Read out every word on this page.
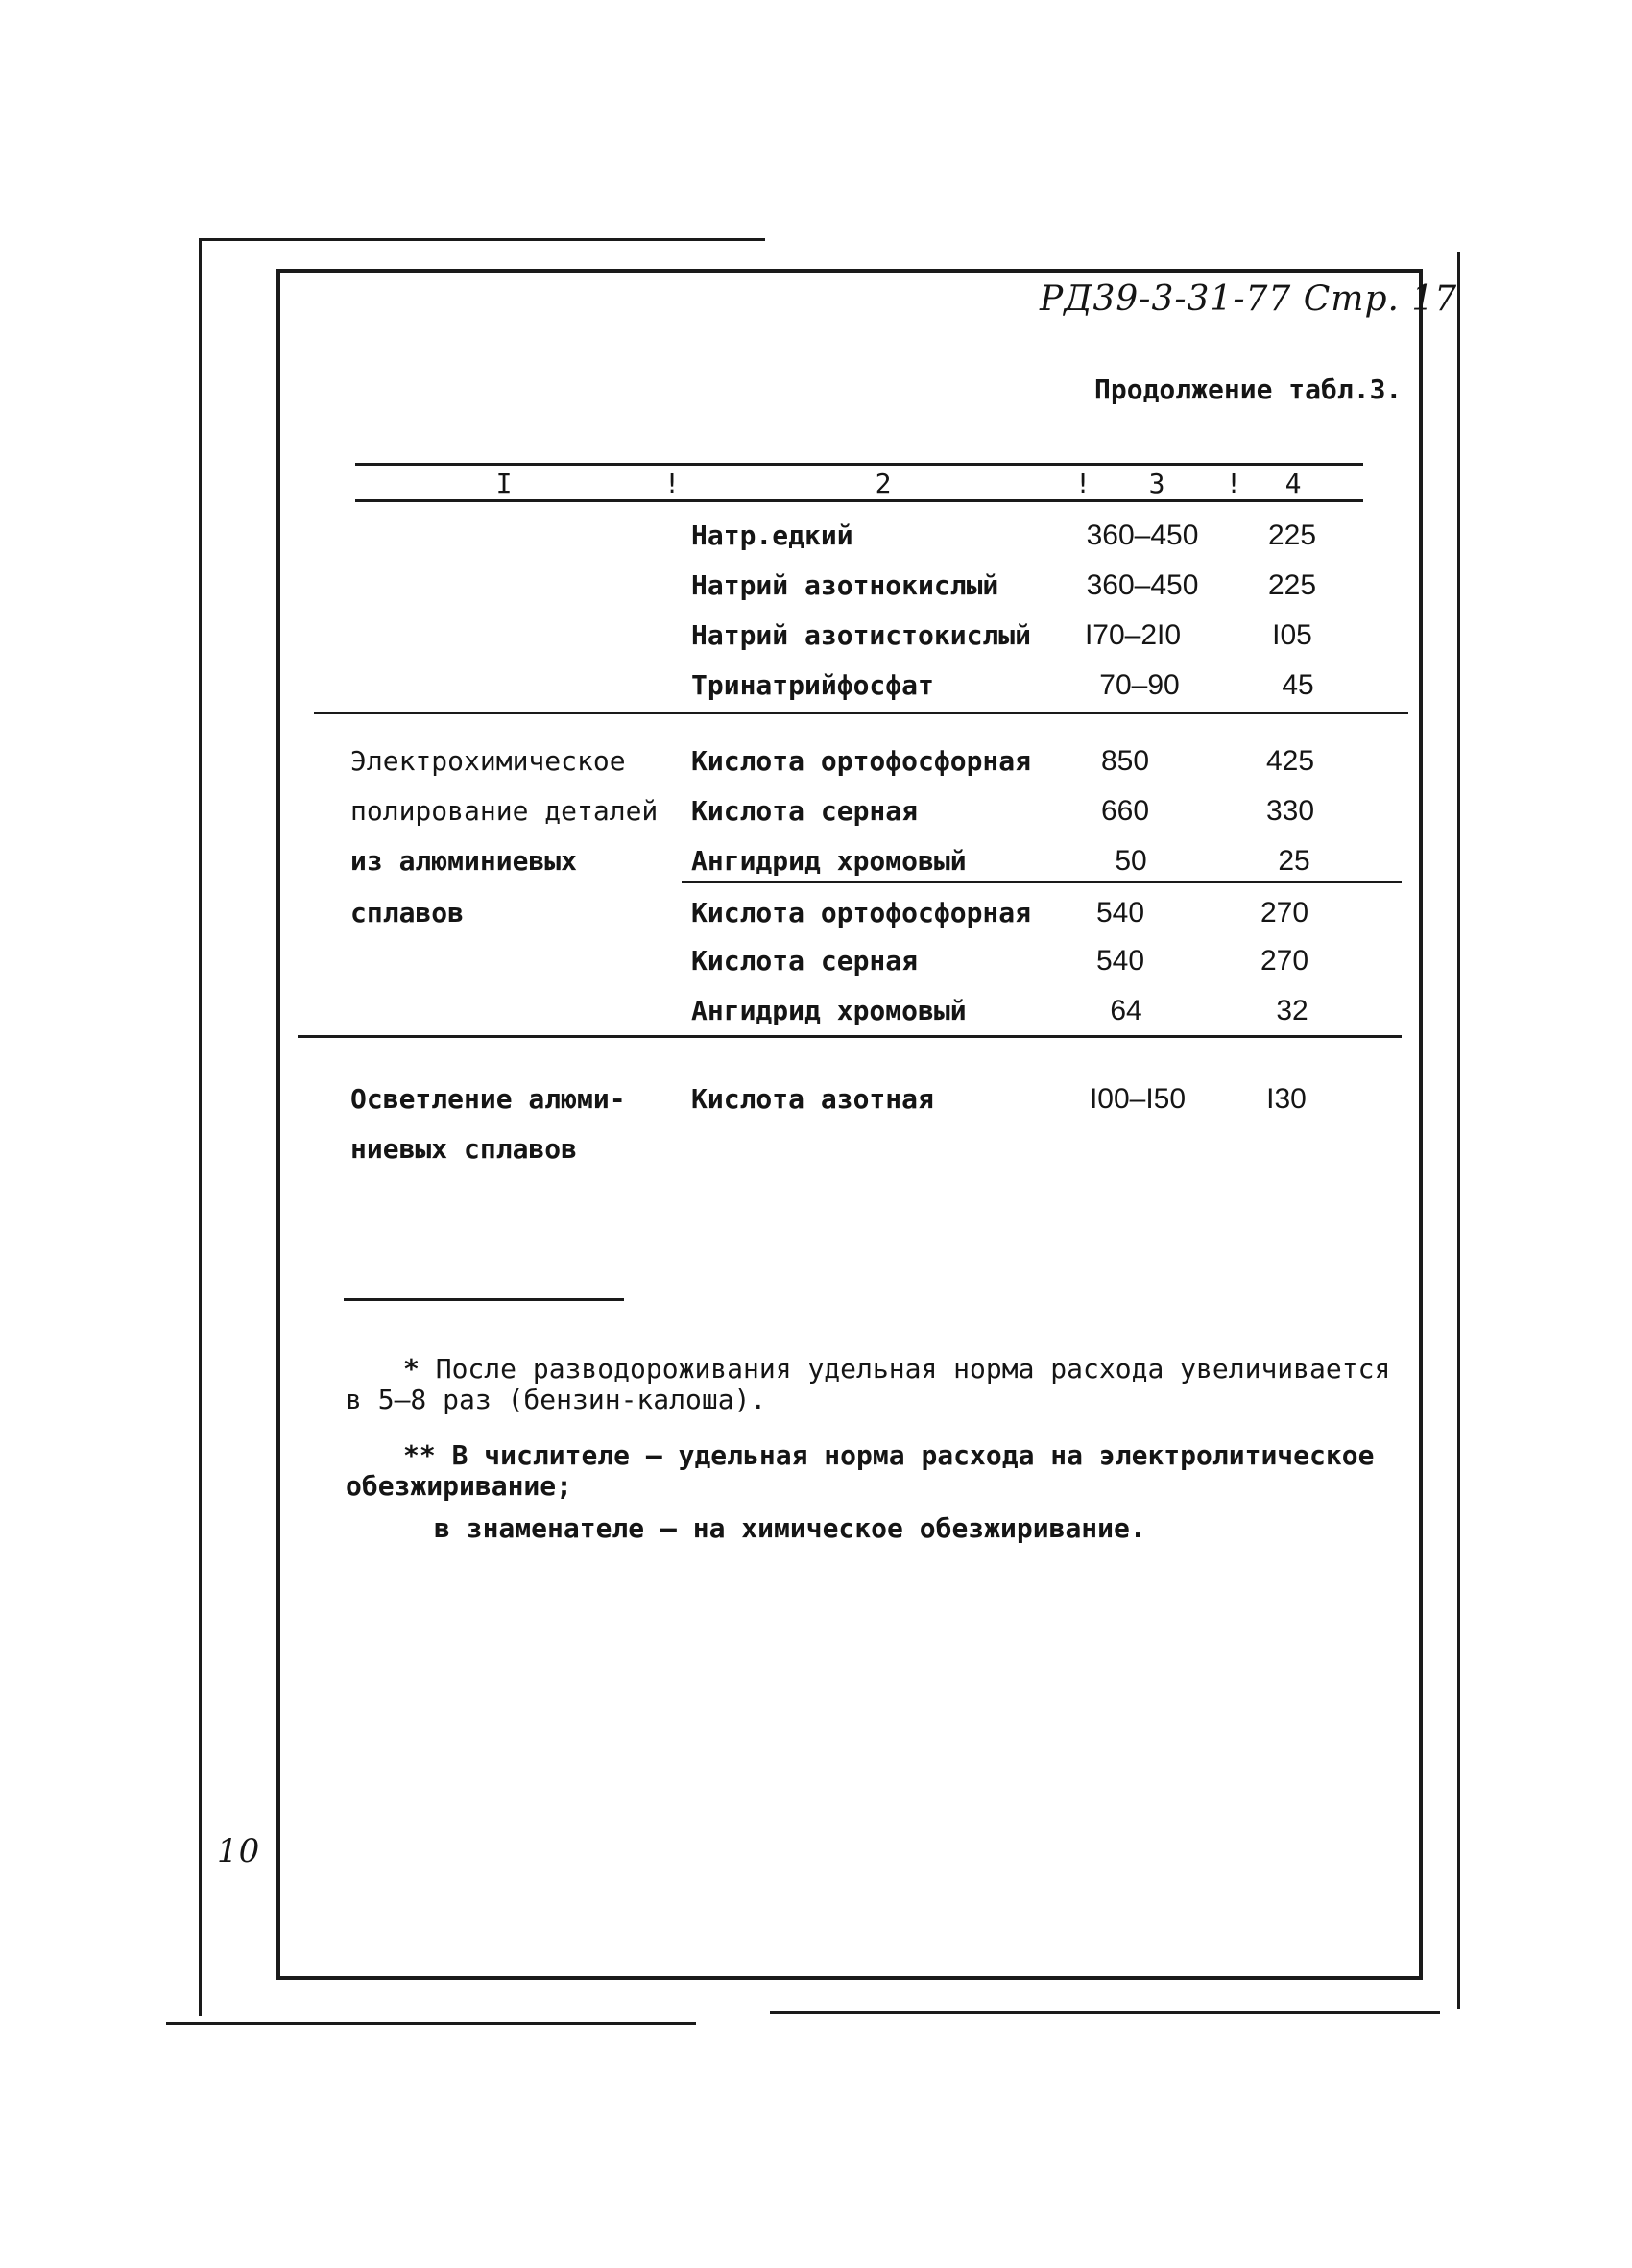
РД39-3-31-77 Стр. 17
Продолжение табл.3.
I	!	2	! 3 ! 4
Натр.едкий	360–450 225
Натрий азотнокислый	360–450 225
Натрий азотистокислый I70–2I0	I05
Тринатрийфосфат	70–90	45
Электрохимическое
полирование деталей
из алюминиевых
сплавов
Кислота ортофосфорная 850	425
Кислота серная	660	330
Ангидрид хромовый	50	25
Кислота ортофосфорная 540	270
Кислота серная	540	270
Ангидрид хромовый	64	32
Осветление алюми-
ниевых сплавов
Кислота азотная	I00–I50	I30
* После разводороживания удельная норма расхода увеличивается
в 5–8 раз (бензин-калоша).
** В числителе – удельная норма расхода на электролитическое
обезжиривание;
в знаменателе – на химическое обезжиривание.
10
